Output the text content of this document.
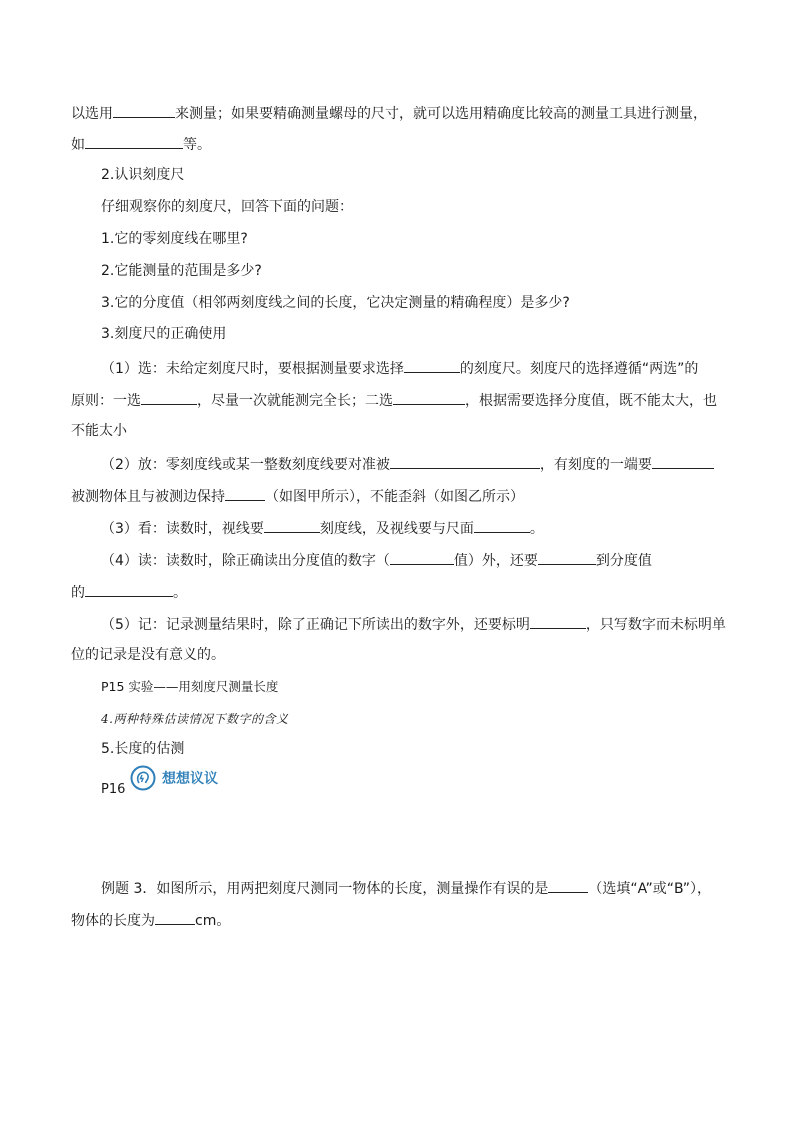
以选用	来测量；如果要精确测量螺母的尺寸，就可以选用精确度比较高的测量工具进行测量，
如	等。
2.认识刻度尺
仔细观察你的刻度尺，回答下面的问题：
1.它的零刻度线在哪里?
2.它能测量的范围是多少?
3.它的分度值（相邻两刻度线之间的长度，它决定测量的精确程度）是多少?
3.刻度尺的正确使用
（1）选：未给定刻度尺时，要根据测量要求选择	的刻度尺。刻度尺的选择遵循“两选”的
原则：一选	，尽量一次就能测完全长；二选	，根据需要选择分度值，既不能太大，也
不能太小
（2）放：零刻度线或某一整数刻度线要对准被	，有刻度的一端要
被测物体且与被测边保持	（如图甲所示），不能歪斜（如图乙所示）
（3）看：读数时，视线要	刻度线，及视线要与尺面	。
（4）读：读数时，除正确读出分度值的数字（	值）外，还要	到分度值
的	。
（5）记：记录测量结果时，除了正确记下所读出的数字外，还要标明	，只写数字而未标明单
位的记录是没有意义的。
P15 实验——用刻度尺测量长度
4.两种特殊估读情况下数字的含义
5.长度的估测
P16
想想议议
例题 3．如图所示，用两把刻度尺测同一物体的长度，测量操作有误的是	（选填“A”或“B”），
物体的长度为	cm。
